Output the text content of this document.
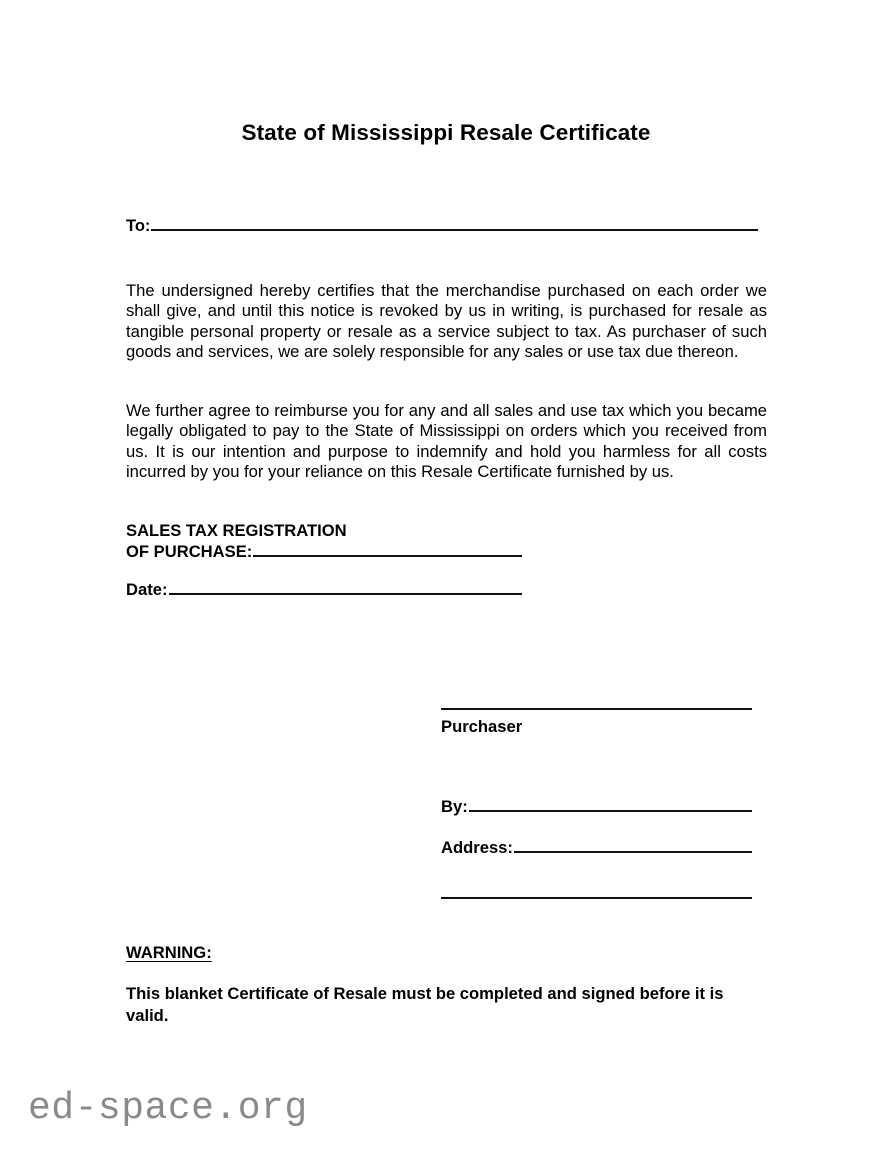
State of Mississippi Resale Certificate
To:

The undersigned hereby certifies that the merchandise purchased on each order we shall give, and until this notice is revoked by us in writing, is purchased for resale as tangible personal property or resale as a service subject to tax. As purchaser of such goods and services, we are solely responsible for any sales or use tax due thereon.

We further agree to reimburse you for any and all sales and use tax which you became legally obligated to pay to the State of Mississippi on orders which you received from us. It is our intention and purpose to indemnify and hold you harmless for all costs incurred by you for your reliance on this Resale Certificate furnished by us.

SALES TAX REGISTRATION
OF PURCHASE:
Date:
Purchaser
By:
Address:
WARNING:

This blanket Certificate of Resale must be completed and signed before it is valid.

ed-space.org
